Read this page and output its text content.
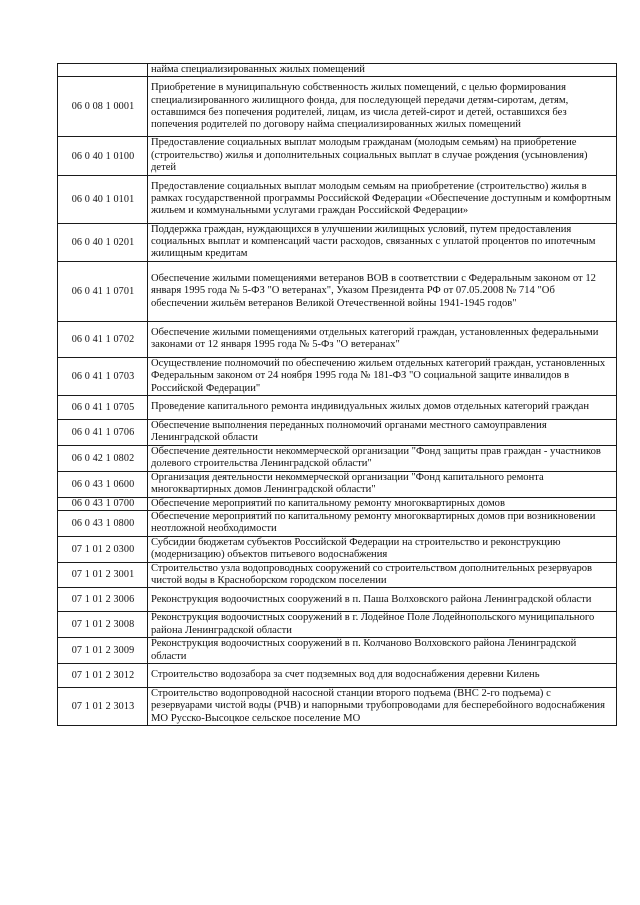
	найма специализированных жилых помещений
06 0 08 1 0001	Приобретение в муниципальную собственность жилых помещений, с целью формирования специализированного жилищного фонда, для последующей передачи детям-сиротам, детям, оставшимся без попечения родителей, лицам, из числа детей-сирот и детей, оставшихся без попечения родителей по договору найма специализированных жилых помещений
06 0 40 1 0100	Предоставление социальных выплат молодым гражданам (молодым семьям) на приобретение (строительство) жилья и дополнительных социальных выплат в случае рождения (усыновления) детей
06 0 40 1 0101	Предоставление социальных выплат молодым семьям на приобретение (строительство) жилья в рамках государственной программы Российской Федерации «Обеспечение доступным и комфортным жильем и коммунальными услугами граждан Российской Федерации»
06 0 40 1 0201	Поддержка граждан, нуждающихся в улучшении жилищных условий, путем предоставления социальных выплат и компенсаций части расходов, связанных с уплатой процентов по ипотечным жилищным кредитам
06 0 41 1 0701	Обеспечение жилыми помещениями ветеранов ВОВ в соответствии с Федеральным законом от 12 января 1995 года № 5-ФЗ "О ветеранах", Указом Президента РФ от 07.05.2008 № 714 "Об обеспечении жильём ветеранов Великой Отечественной войны 1941-1945 годов"
06 0 41 1 0702	Обеспечение жилыми помещениями отдельных категорий граждан, установленных федеральными законами от 12 января 1995 года № 5-Фз "О ветеранах"
06 0 41 1 0703	Осуществление полномочий по обеспечению жильем отдельных категорий граждан, установленных Федеральным законом от 24 ноября 1995 года № 181-ФЗ "О социальной защите инвалидов в Российской Федерации"
06 0 41 1 0705	Проведение капитального ремонта индивидуальных жилых домов отдельных категорий граждан
06 0 41 1 0706	Обеспечение выполнения переданных полномочий органами местного самоуправления Ленинградской области
06 0 42 1 0802	Обеспечение деятельности некоммерческой организации "Фонд защиты прав граждан - участников долевого строительства Ленинградской области"
06 0 43 1 0600	Организация деятельности некоммерческой организации "Фонд капитального ремонта многоквартирных домов Ленинградской области"
06 0 43 1 0700	Обеспечение мероприятий по капитальному ремонту многоквартирных домов
06 0 43 1 0800	Обеспечение мероприятий по капитальному ремонту многоквартирных домов при возникновении неотложной необходимости
07 1 01 2 0300	Субсидии бюджетам субъектов Российской Федерации на строительство и реконструкцию (модернизацию) объектов питьевого водоснабжения
07 1 01 2 3001	Строительство узла водопроводных сооружений со строительством дополнительных резервуаров чистой воды в Красноборском городском поселении
07 1 01 2 3006	Реконструкция водоочистных сооружений в п. Паша Волховского района Ленинградской области
07 1 01 2 3008	Реконструкция водоочистных сооружений в г. Лодейное Поле Лодейнопольского муниципального района Ленинградской области
07 1 01 2 3009	Реконструкция водоочистных сооружений в п. Колчаново Волховского района Ленинградской области
07 1 01 2 3012	Строительство водозабора за счет подземных вод для водоснабжения деревни Килень
07 1 01 2 3013	Строительство водопроводной насосной станции второго подъема (ВНС 2-го подъема) с резервуарами чистой воды (РЧВ) и напорными трубопроводами для бесперебойного водоснабжения МО Русско-Высоцкое сельское поселение МО
